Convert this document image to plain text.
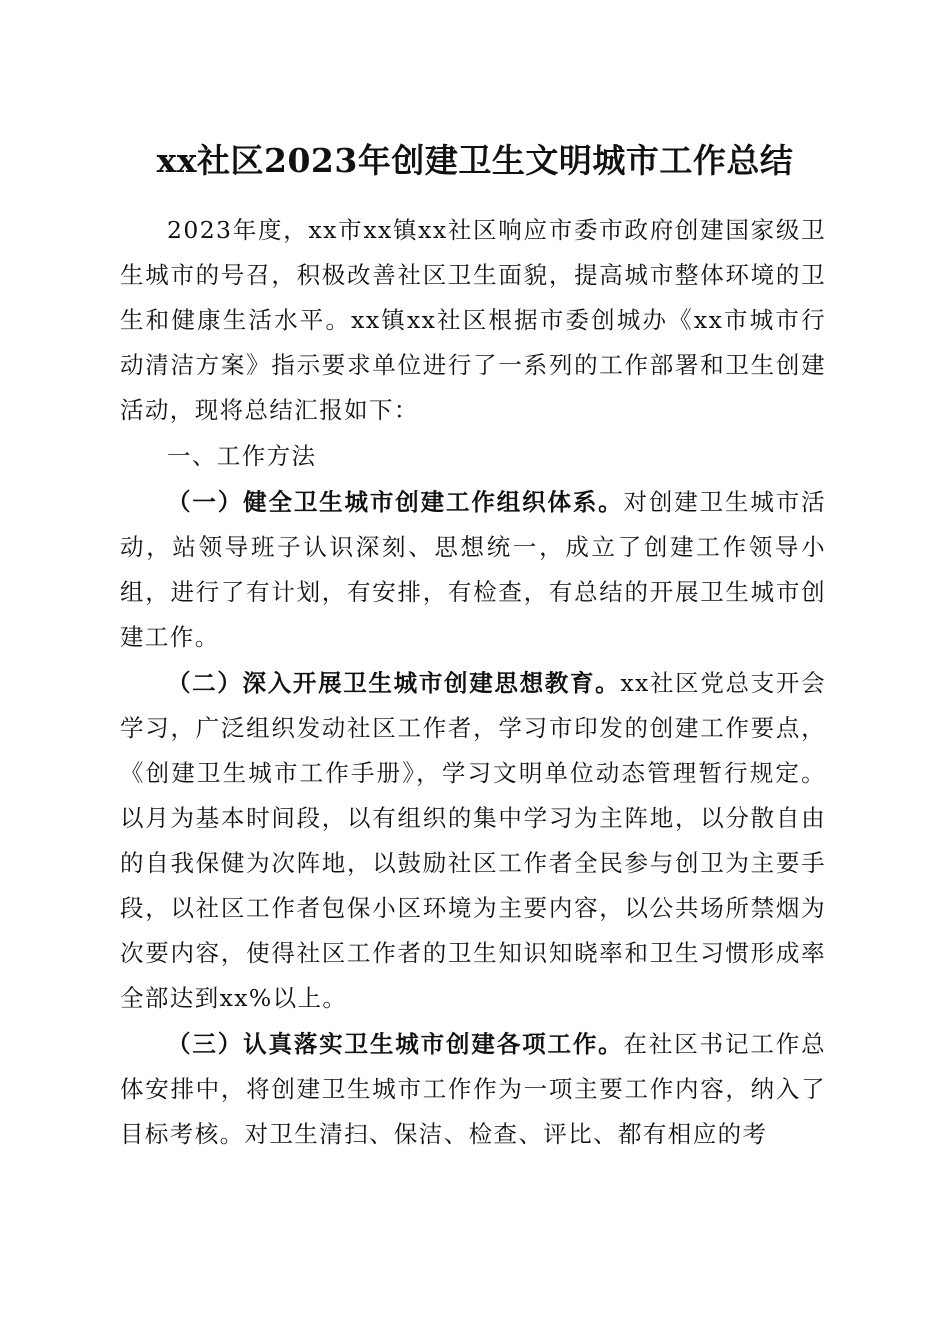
xx社区2023年创建卫生文明城市工作总结

2023年度，xx市xx镇xx社区响应市委市政府创建国家级卫生城市的号召，积极改善社区卫生面貌，提高城市整体环境的卫生和健康生活水平。xx镇xx社区根据市委创城办《xx市城市行动清洁方案》指示要求单位进行了一系列的工作部署和卫生创建活动，现将总结汇报如下：

一、工作方法

（一）健全卫生城市创建工作组织体系。对创建卫生城市活动，站领导班子认识深刻、思想统一，成立了创建工作领导小组，进行了有计划，有安排，有检查，有总结的开展卫生城市创建工作。

（二）深入开展卫生城市创建思想教育。xx社区党总支开会学习，广泛组织发动社区工作者，学习市印发的创建工作要点，《创建卫生城市工作手册》，学习文明单位动态管理暂行规定。以月为基本时间段，以有组织的集中学习为主阵地，以分散自由的自我保健为次阵地，以鼓励社区工作者全民参与创卫为主要手段，以社区工作者包保小区环境为主要内容，以公共场所禁烟为次要内容，使得社区工作者的卫生知识知晓率和卫生习惯形成率全部达到xx%以上。

（三）认真落实卫生城市创建各项工作。在社区书记工作总体安排中，将创建卫生城市工作作为一项主要工作内容，纳入了目标考核。对卫生清扫、保洁、检查、评比、都有相应的考
